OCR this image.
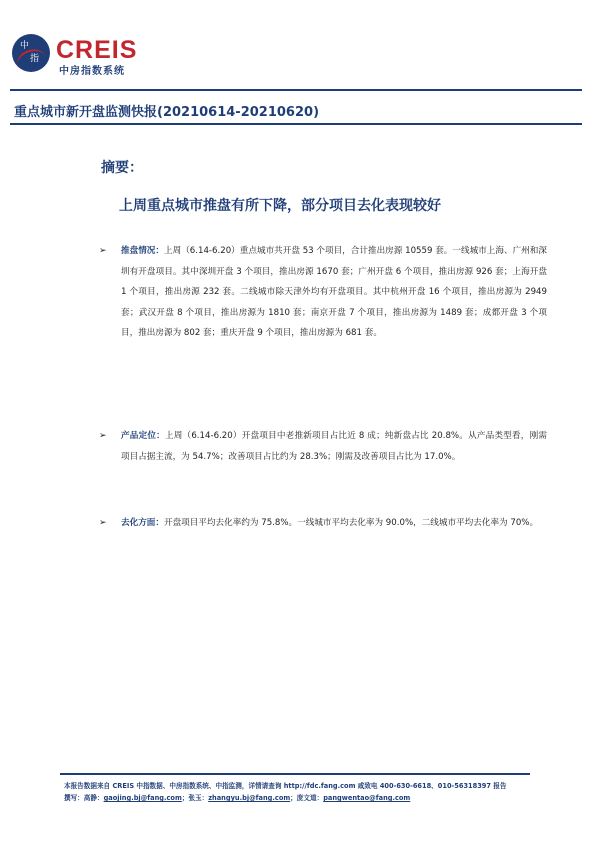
中
指 CREIS
中房指数系统
重点城市新开盘监测快报(20210614-20210620)
摘要：
上周重点城市推盘有所下降，部分项目去化表现较好
➢ 推盘情况：上周（6.14-6.20）重点城市共开盘 53 个项目，合计推出房源 10559 套。一线城市上海、广州和深圳有开盘项目。其中深圳开盘 3 个项目，推出房源 1670 套；广州开盘 6 个项目，推出房源 926 套；上海开盘 1 个项目，推出房源 232 套。二线城市除天津外均有开盘项目。其中杭州开盘 16 个项目，推出房源为 2949 套；武汉开盘 8 个项目，推出房源为 1810 套；南京开盘 7 个项目，推出房源为 1489 套；成都开盘 3 个项目，推出房源为 802 套；重庆开盘 9 个项目，推出房源为 681 套。
➢ 产品定位：上周（6.14-6.20）开盘项目中老推新项目占比近 8 成；纯新盘占比 20.8%。从产品类型看，刚需项目占据主流，为 54.7%；改善项目占比约为 28.3%；刚需及改善项目占比为 17.0%。
➢ 去化方面：开盘项目平均去化率约为 75.8%。一线城市平均去化率为 90.0%，二线城市平均去化率为 70%。
本报告数据来自 CREIS 中指数据、中房指数系统、中指监测，详情请查询 http://fdc.fang.com 咸致电 400-630-6618、010-56318397 报告
撰写：高静：gaojing.bj@fang.com；张玉：zhangyu.bj@fang.com；庞文道：pangwentao@fang.com
